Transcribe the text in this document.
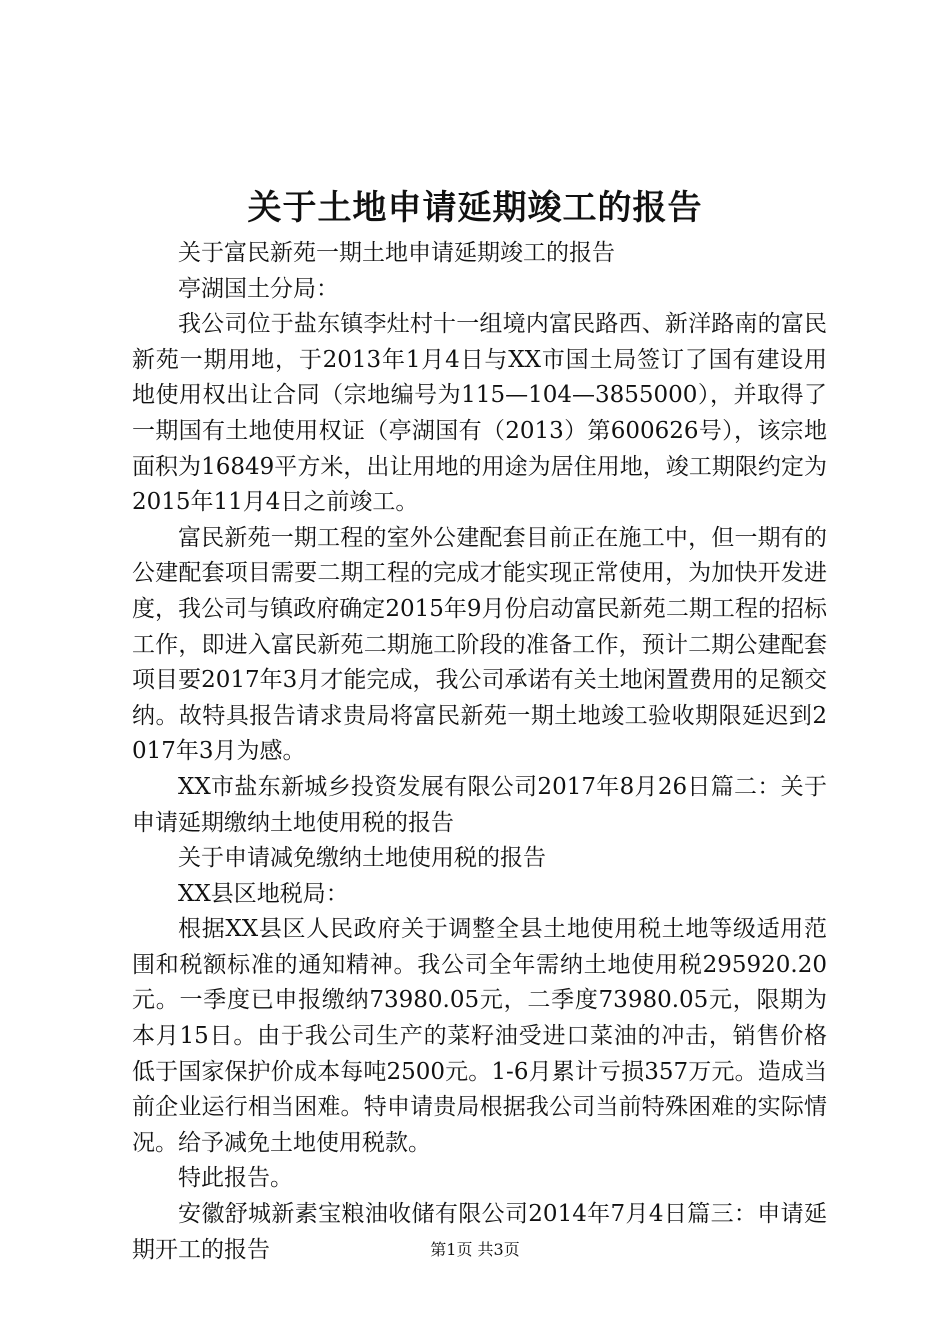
关于土地申请延期竣工的报告

关于富民新苑一期土地申请延期竣工的报告

亭湖国土分局：

我公司位于盐东镇李灶村十一组境内富民路西、新洋路南的富民新苑一期用地，于2013年1月4日与XX市国土局签订了国有建设用地使用权出让合同（宗地编号为115—104—3855000），并取得了一期国有土地使用权证（亭湖国有（2013）第600626号），该宗地面积为16849平方米，出让用地的用途为居住用地，竣工期限约定为2015年11月4日之前竣工。

富民新苑一期工程的室外公建配套目前正在施工中，但一期有的公建配套项目需要二期工程的完成才能实现正常使用，为加快开发进度，我公司与镇政府确定2015年9月份启动富民新苑二期工程的招标工作，即进入富民新苑二期施工阶段的准备工作，预计二期公建配套项目要2017年3月才能完成，我公司承诺有关土地闲置费用的足额交纳。故特具报告请求贵局将富民新苑一期土地竣工验收期限延迟到2017年3月为感。

XX市盐东新城乡投资发展有限公司2017年8月26日篇二：关于申请延期缴纳土地使用税的报告

关于申请减免缴纳土地使用税的报告

XX县区地税局：

根据XX县区人民政府关于调整全县土地使用税土地等级适用范围和税额标准的通知精神。我公司全年需纳土地使用税295920.20元。一季度已申报缴纳73980.05元，二季度73980.05元，限期为本月15日。由于我公司生产的菜籽油受进口菜油的冲击，销售价格低于国家保护价成本每吨2500元。1-6月累计亏损357万元。造成当前企业运行相当困难。特申请贵局根据我公司当前特殊困难的实际情况。给予减免土地使用税款。

特此报告。

安徽舒城新素宝粮油收储有限公司2014年7月4日篇三：申请延期开工的报告	第1页 共3页
